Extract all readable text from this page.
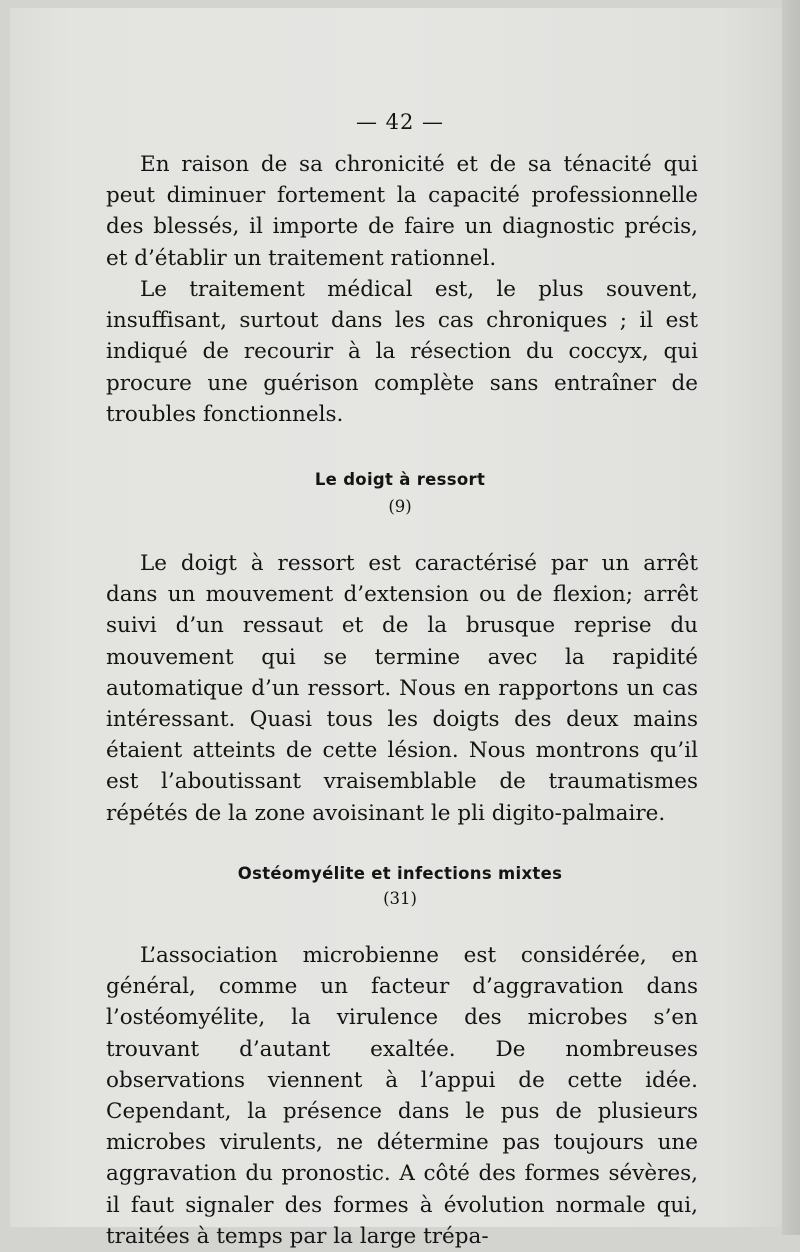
— 42 —

En raison de sa chronicité et de sa ténacité qui peut diminuer fortement la capacité professionnelle des blessés, il importe de faire un diagnostic précis, et d’établir un traitement rationnel.

Le traitement médical est, le plus souvent, insuffisant, surtout dans les cas chroniques ; il est indiqué de recourir à la résection du coccyx, qui procure une guérison complète sans entraîner de troubles fonctionnels.

Le doigt à ressort
(9)

Le doigt à ressort est caractérisé par un arrêt dans un mouvement d’extension ou de flexion; arrêt suivi d’un ressaut et de la brusque reprise du mouvement qui se termine avec la rapidité automatique d’un ressort. Nous en rapportons un cas intéressant. Quasi tous les doigts des deux mains étaient atteints de cette lésion. Nous montrons qu’il est l’aboutissant vraisemblable de traumatismes répétés de la zone avoisinant le pli digito-palmaire.

Ostéomyélite et infections mixtes
(31)

L’association microbienne est considérée, en général, comme un facteur d’aggravation dans l’ostéomyélite, la virulence des microbes s’en trouvant d’autant exaltée. De nombreuses observations viennent à l’appui de cette idée. Cependant, la présence dans le pus de plusieurs microbes virulents, ne détermine pas toujours une aggravation du pronostic. A côté des formes sévères, il faut signaler des formes à évolution normale qui, traitées à temps par la large trépa-
